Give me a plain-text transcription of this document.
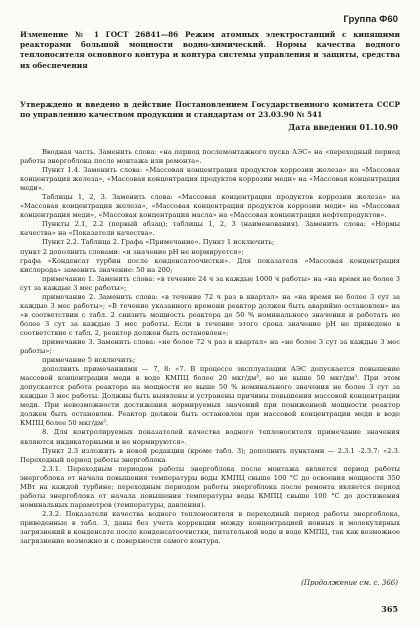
Группа Ф60
Изменение № 1 ГОСТ 26841—86 Режим атомных электростанций с кипящими реакторами большой мощности водно-химический. Нормы качества водного теплоносителя основного контура и контура системы управления и защиты, средства их обеспечения
Утверждено и введено в действие Постановлением Государственного комитета СССР по управлению качеством продукции и стандартам от 23.03.90 № 541
Дата введения 01.10.90

Вводная часть. Заменить слова: «на период послемонтажного пуска АЭС» на «переходный период работы энергоблока после монтажа или ремонта».

Пункт 1.4. Заменить слова: «Массовая концентрация продуктов коррозии железа» на «Массовая концентрация железа», «Массовая концентрация продуктов коррозии меди» на «Массовая концентрация меди».

Таблицы 1, 2, 3. Заменить слова: «Массовая концентрация продуктов коррозии железа» на «Массовая концентрация железа», «Массовая концентрация продуктов коррозии меди» на «Массовая концентрация меди», «Массовая концентрация масла» на «Массовая концентрация нефтепродуктов».

Пункты 2.1, 2.2 (первый абзац); таблицы 1, 2, 3 (наименования). Заменить слова: «Нормы качества» на «Показатели качества».

Пункт 2.2. Таблица 2. Графа «Примечание». Пункт 1 исключить;

пункт 2 дополнить словами: «и значение pH не нормируется»;

графа «Конденсат турбин после конденсатоочистки». Для показателя «Массовая концентрация кислорода» заменить значение: 50 на 200;

примечание 1. Заменить слова: «в течение 24 ч за каждые 1000 ч работы» на «на время не более 3 сут за каждые 3 мес работы»;

примечание 2. Заменить слова: «в течение 72 ч раз в квартал» на «на время не более 3 сут за каждые 3 мес работы»; «В течение указанного времени реактор должен быть аварийно остановлен» на «в соответствии с табл. 2 снизить мощность реактора до 50 % номинального значения и работать не более 3 сут за каждые 3 мес работы. Если в течение этого срока значение pH не приведено в соответствие с табл. 2, реактор должен быть остановлен»;

примечание 3. Заменить слова: «не более 72 ч раз в квартал» на «не более 3 сут за каждые 3 мес работы»;

примечание 5 исключить;

дополнить примечаниями — 7, 8: «7. В процессе эксплуатации АЭС допускается повышение массовой концентрации меди в воде КМПЦ более 20 мкг/дм³, но не выше 50 мкг/дм³. При этом допускается работа реактора на мощности не выше 50 % номинального значения не более 3 сут за каждые 3 мес работы. Должны быть выявлены и устранены причины повышения массовой концентрации меди. При невозможности достижения нормируемых значений при пониженной мощности реактор должен быть остановлен. Реактор должен быть остановлен при массовой концентрации меди в воде КМПЦ более 50 мкг/дм³.

8. Для контролируемых показателей качества водного теплоносителя примечание значения являются индикаторными и не нормируются».

Пункт 2.3 изложить в новой редакции (кроме табл. 3); дополнить пунктами — 2.3.1 -2.3.7: «2.3. Переходный период работы энергоблока

2.3.1. Переходным периодом работы энергоблока после монтажа является период работы энергоблока от начала повышения температуры воды КМПЦ свыше 100 °C до освоения мощности 350 МВт на каждой турбине; переходным периодом работы энергоблока после ремонта является период работы энергоблока от начала повышения температуры воды КМПЦ свыше 100 °C до достижения номинальных параметров (температуры, давления).

2.3.2. Показатели качества водного теплоносителя в переходный период работы энергоблока, приведенные в табл. 3, даны без учета коррекции между концентрацией ионных и молекулярных загрязнений в конденсате после конденсатоочистки, питательной воде и воде КМПЦ, так как возможное загрязнение возможно и с поверхности самого контура.

(Продолжение см. с. 366)
365
